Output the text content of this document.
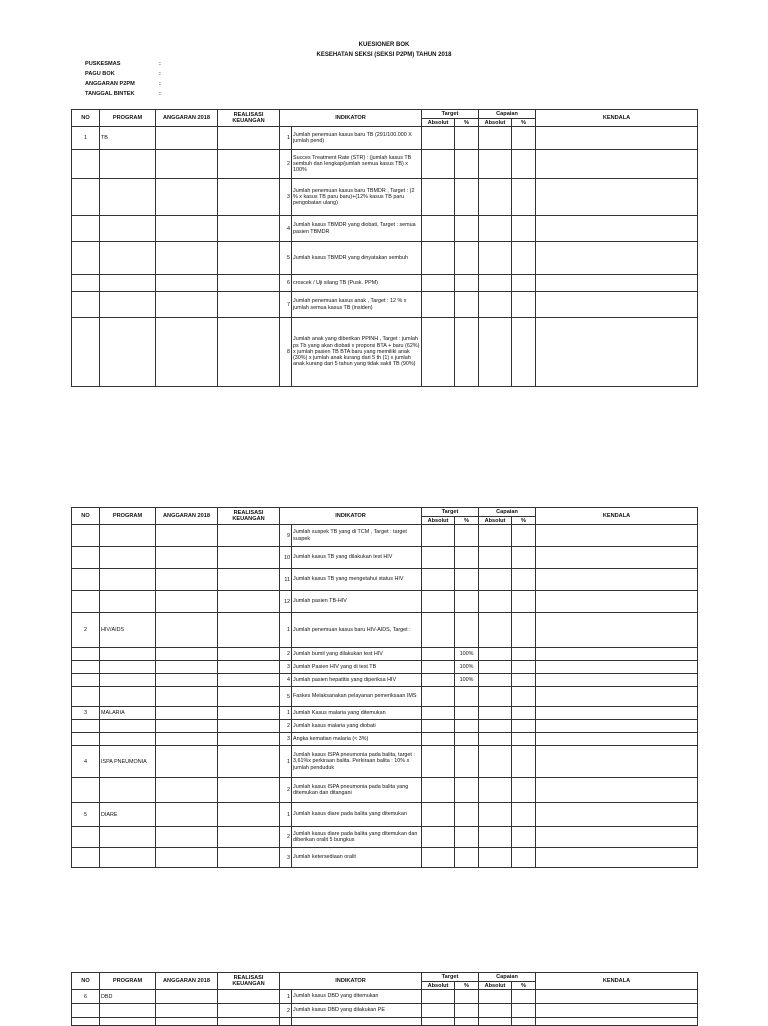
KUESIONER BOK
KESEHATAN SEKSI (SEKSI P2PM) TAHUN 2018
PUSKESMAS	:
PAGU BOK	:
ANGGARAN P2PM	:
TANGGAL BINTEK	:
NO	PROGRAM	ANGGARAN 2018	REALISASI KEUANGAN	INDIKATOR		Target		Capaian		KENDALA
						Absolut	%	Absolut	%	
1	TB			1	Jumlah penemuan kasus baru TB (291/100.000 X jumlah pend)					
				2	Succes Treatment Rate (STR) : (jumlah kasus TB sembuh dan lengkap/jumlah semua kasus TB) x 100%					
				3	Jumlah penemuan kasus baru TBMDR , Target : (2 % x kasus TB paru baru)+(12% kasus TB paru pengobatan ulang)					
				4	Jumlah kasus TBMDR yang diobati, Target : semua pasien TBMDR					
				5	Jumlah kasus TBMDR yang dinyatakan sembuh					
				6	croscek / Uji silang TB (Pusk. PPM)					
				7	Jumlah penemuan kasus anak , Target : 12 % x jumlah semua kasus TB (insiden)					
				8	Jumlah anak yang diberikan PPINH , Target : jumlah ps Tb yang akan diobati x proporsi BTA + baru (62%) x jumlah pasien TB BTA baru yang memiliki anak (30%) x jumlah anak kurang dari 5 th (1) x jumlah anak kurang dari 5 tahun yang tidak sakit TB (90%)					
NO	PROGRAM	ANGGARAN 2018	REALISASI KEUANGAN	INDIKATOR		Target		Capaian		KENDALA
						Absolut	%	Absolut	%	
				9	Jumlah suspek TB yang di TCM , Target : target suspek					
				10	Jumlah kasus TB yang dilakukan test HIV					
				11	Jumlah kasus TB yang mengetahui status HIV					
				12	Jumlah pasien TB-HIV					
2	HIV/AIDS			1	Jumlah penemuan kasus baru HIV-AIDS, Target :					
				2	Jumlah bumil yang dilakukan test HIV		100%			
				3	Jumlah Pasien HIV yang di test TB		100%			
				4	Jumlah pasien hepatitis yang diperiksa HIV		100%			
				5	Faskes Melaksanakan pelayanan pemeriksaan IMS					
3	MALARIA			1	Jumlah Kasus malaria yang ditemukan					
				2	Jumlah kasus malaria yang diobati					
				3	Angka kematian malaria (< 3%)					
4	ISPA PNEUMONIA			1	Jumlah kasus ISPA pneumonia pada balita, target : 3,61%x perkiraan balita. Perkiraan balita : 10% x jumlah penduduk					
				2	Jumlah kasus ISPA pneumonia pada balita yang ditemukan dan ditangani					
5	DIARE			1	Jumlah kasus diare pada balita yang ditemukan					
				2	Jumlah kasus diare pada balita yang ditemukan dan diberikan oralit 5 bungkus					
				3	Jumlah ketersediaan oralit					
NO	PROGRAM	ANGGARAN 2018	REALISASI KEUANGAN	INDIKATOR		Target		Capaian		KENDALA
						Absolut	%	Absolut	%	
6	DBD			1	Jumlah kasus DBD yang ditemukan					
				2	Jumlah kasus DBD yang dilakukan PE					
